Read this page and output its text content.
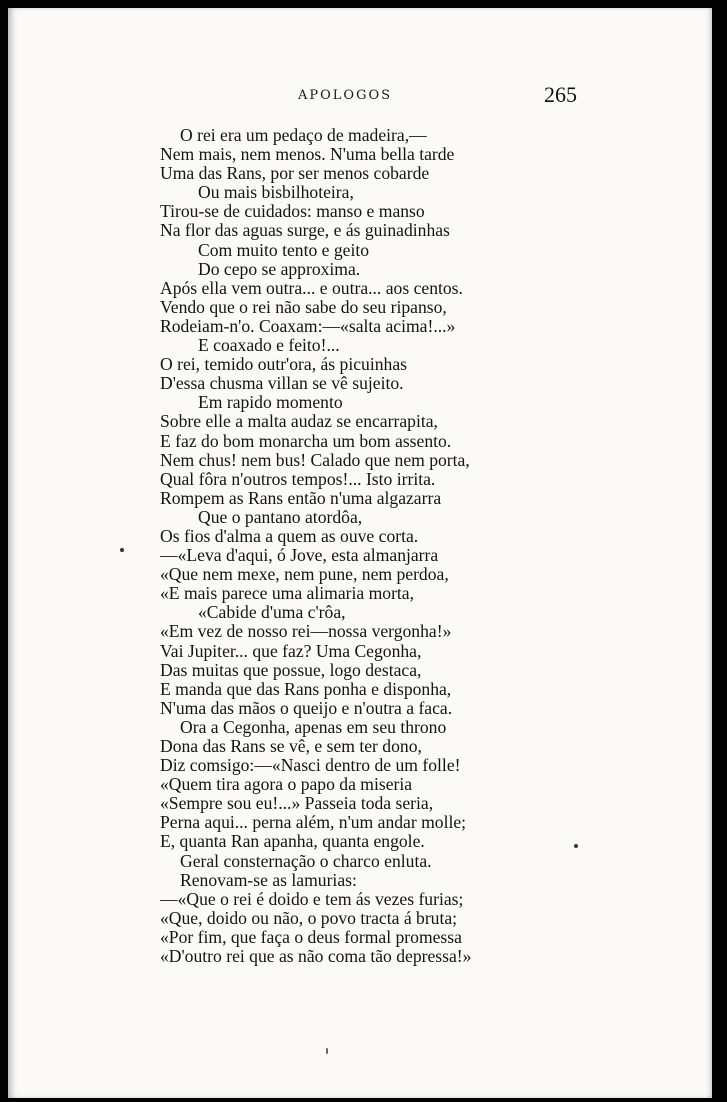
APOLOGOS	265
O rei era um pedaço de madeira,—
Nem mais, nem menos. N'uma bella tarde
Uma das Rans, por ser menos cobarde
Ou mais bisbilhoteira,
Tirou-se de cuidados: manso e manso
Na flor das aguas surge, e ás guinadinhas
Com muito tento e geito
Do cepo se approxima.
Após ella vem outra... e outra... aos centos.
Vendo que o rei não sabe do seu ripanso,
Rodeiam-n'o. Coaxam:—«salta acima!...»
E coaxado e feito!...
O rei, temido outr'ora, ás picuinhas
D'essa chusma villan se vê sujeito.
Em rapido momento
Sobre elle a malta audaz se encarrapita,
E faz do bom monarcha um bom assento.
Nem chus! nem bus! Calado que nem porta,
Qual fôra n'outros tempos!... Isto irrita.
Rompem as Rans então n'uma algazarra
Que o pantano atordôa,
Os fios d'alma a quem as ouve corta.
—«Leva d'aqui, ó Jove, esta almanjarra
«Que nem mexe, nem pune, nem perdoa,
«E mais parece uma alimaria morta,
«Cabide d'uma c'rôa,
«Em vez de nosso rei—nossa vergonha!»
Vai Jupiter... que faz? Uma Cegonha,
Das muitas que possue, logo destaca,
E manda que das Rans ponha e disponha,
N'uma das mãos o queijo e n'outra a faca.
Ora a Cegonha, apenas em seu throno
Dona das Rans se vê, e sem ter dono,
Diz comsigo:—«Nasci dentro de um folle!
«Quem tira agora o papo da miseria
«Sempre sou eu!...» Passeia toda seria,
Perna aqui... perna além, n'um andar molle;
E, quanta Ran apanha, quanta engole.
Geral consternação o charco enluta.
Renovam-se as lamurias:
—«Que o rei é doido e tem ás vezes furias;
«Que, doido ou não, o povo tracta á bruta;
«Por fim, que faça o deus formal promessa
«D'outro rei que as não coma tão depressa!»
